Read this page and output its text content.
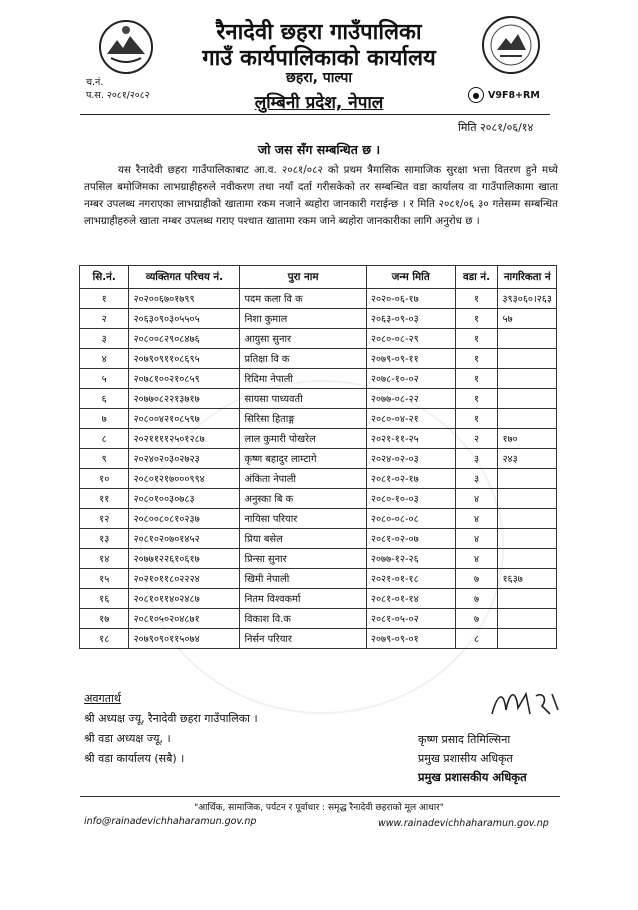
रैनादेवी छहरा गाउँपालिका
गाउँ कार्यपालिकाको कार्यालय
छहरा, पाल्पा
लुम्बिनी प्रदेश, नेपाल
च.नं.
प.स. २०८१/२०८२	● V9F8+RM
मिति २०८१/०६/१४
जो जस सँग सम्बन्धित छ ।
यस रैनादेवी छहरा गाउँपालिकाबाट आ.व. २०८१/०८२ को प्रथम त्रैमासिक सामाजिक सुरक्षा भत्ता वितरण हुने मध्ये तपसिल बमोजिमका लाभग्राहीहरुले नवीकरण तथा नयाँ दर्ता गरीसकेको तर सम्बन्धित वडा कार्यालय वा गाउँपालिकामा खाता नम्बर उपलब्ध नगराएका लाभग्राहीको खातामा रकम नजाने ब्यहोरा जानकारी गराईन्छ । र मिति २०८१/०६ ३० गतेसम्म सम्बन्धित लाभग्राहीहरुले खाता नम्बर उपलब्ध गराए पश्चात खातामा रकम जाने ब्यहोरा जानकारीका लागि अनुरोध छ ।
सि.नं.	व्यक्तिगत परिचय नं.	पुरा नाम	जन्म मिति	वडा नं.	नागरिकता नं
१	२०२००६७०१७९९	पदम कला वि क	२०२०-०६-१७	१	३९३०६०।२६३
२	२०६३०९०३०५५०५	निशा कुमाल	२०६३-०९-०३	१	५७
३	२०८००८२९०८४७६	आयुसा सुनार	२०८०-०८-२९	१	
४	२०७९०९११०८६९५	प्रतिक्षा वि क	२०७९-०९-११	१	
५	२०७८१००२१०८५९	रिदिमा नेपाली	२०७८-१०-०२	१	
६	२०७७०८२२१३७१७	सायसा पाध्यवती	२०७७-०८-२२	१	
७	२०८००४२१०८५९७	सिरिसा हिताङ्ग	२०८०-०४-२१	१	
८	२०२११११२५०१२८७	लाल कुमारी पोखरेल	२०२१-११-२५	२	१७०
९	२०२४०२०३०२७२३	कृष्ण बहादुर लाम्टागे	२०२४-०२-०३	३	२४३
१०	२०८०१२१७०००९९४	अंकिता नेपाली	२०८१-०२-१७	३	
११	२०८०१००३०७८३	अनुस्का बि क	२०८०-१०-०३	४	
१२	२०८००८०८१०२३७	नायिसा परियार	२०८०-०८-०८	४	
१३	२०८१०२०७०१४५२	प्रिया बसेल	२०८१-०२-०७	४	
१४	२०७७१२२६१०६१७	प्रिन्सा सुनार	२०७७-१२-२६	४	
१५	२०२१०११८०२२२४	खिमी नेपाली	२०२१-०१-१८	७	१६३७
१६	२०८१०११४०२४८७	नितम विश्वकर्मा	२०८१-०१-१४	७	
१७	२०८१०५०२०४८७१	विकाश वि.क	२०८१-०५-०२	७	
१८	२०७९०९०११५०७४	निर्सन परियार	२०७९-०९-०१	८	
अवगतार्थ
श्री अध्यक्ष ज्यू, रैनादेवी छहरा गाउँपालिका ।
श्री वडा अध्यक्ष ज्यू, ।
श्री वडा कार्यालय (सबै) ।
कृष्ण प्रसाद तिमिल्सिना
प्रमुख प्रशासीय अधिकृत
प्रमुख प्रशासकीय अधिकृत
"आर्थिक, सामाजिक, पर्यटन र पूर्वाधार : समृद्ध रैनादेवी छहराको मूल आधार"
info@rainadevichhaharamun.gov.np	www.rainadevichhaharamun.gov.np
